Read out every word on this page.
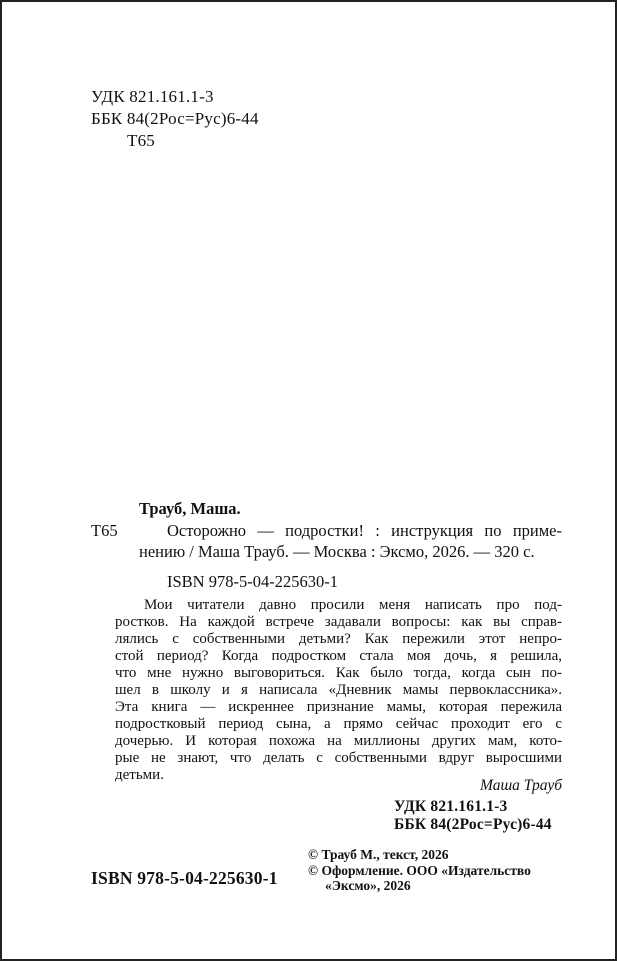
УДК 821.161.1-3
ББК 84(2Рос=Рус)6-44
Т65
Трауб, Маша.
Т65	Осторожно — подростки! : инструкция по приме-
нению / Маша Трауб. — Москва : Эксмо, 2026. — 320 с.
ISBN 978-5-04-225630-1
Мои читатели давно просили меня написать про под-
ростков. На каждой встрече задавали вопросы: как вы справ-
лялись с собственными детьми? Как пережили этот непро-
стой период? Когда подростком стала моя дочь, я решила,
что мне нужно выговориться. Как было тогда, когда сын по-
шел в школу и я написала «Дневник мамы первоклассника».
Эта книга — искреннее признание мамы, которая пережила
подростковый период сына, а прямо сейчас проходит его с
дочерью. И которая похожа на миллионы других мам, кото-
рые не знают, что делать с собственными вдруг выросшими
детьми.
Маша Трауб
УДК 821.161.1-3
ББК 84(2Рос=Рус)6-44
© Трауб М., текст, 2026
© Оформление. ООО «Издательство
«Эксмо», 2026
ISBN 978-5-04-225630-1
